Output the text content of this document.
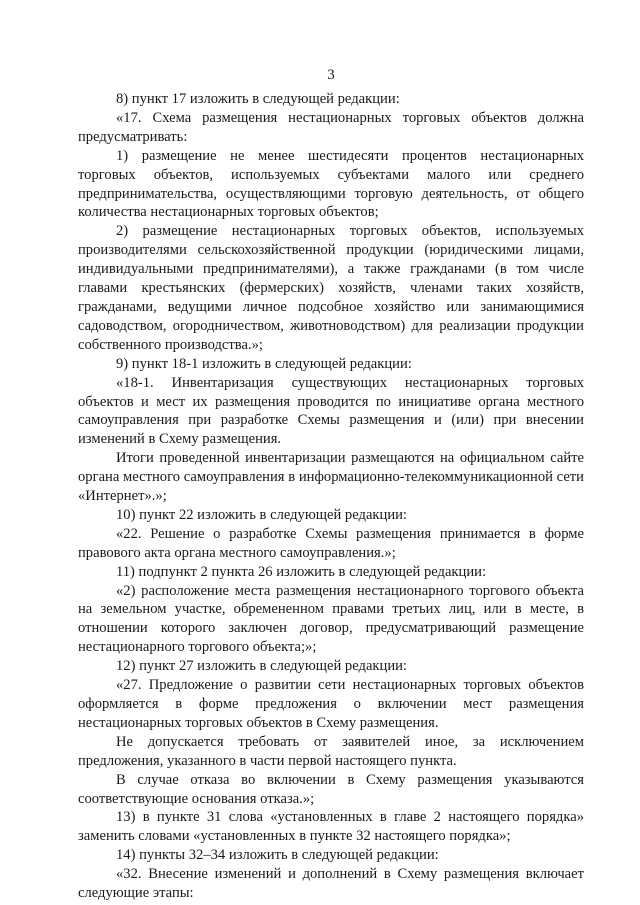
3

8) пункт 17 изложить в следующей редакции:

«17. Схема размещения нестационарных торговых объектов должна предусматривать:

1) размещение не менее шестидесяти процентов нестационарных торговых объектов, используемых субъектами малого или среднего предпринимательства, осуществляющими торговую деятельность, от общего количества нестационарных торговых объектов;

2) размещение нестационарных торговых объектов, используемых производителями сельскохозяйственной продукции (юридическими лицами, индивидуальными предпринимателями), а также гражданами (в том числе главами крестьянских (фермерских) хозяйств, членами таких хозяйств, гражданами, ведущими личное подсобное хозяйство или занимающимися садоводством, огородничеством, животноводством) для реализации продукции собственного производства.»;

9) пункт 18-1 изложить в следующей редакции:

«18-1. Инвентаризация существующих нестационарных торговых объектов и мест их размещения проводится по инициативе органа местного самоуправления при разработке Схемы размещения и (или) при внесении изменений в Схему размещения.

Итоги проведенной инвентаризации размещаются на официальном сайте органа местного самоуправления в информационно-телекоммуникационной сети «Интернет».»;

10) пункт 22 изложить в следующей редакции:

«22. Решение о разработке Схемы размещения принимается в форме правового акта органа местного самоуправления.»;

11) подпункт 2 пункта 26 изложить в следующей редакции:

«2) расположение места размещения нестационарного торгового объекта на земельном участке, обремененном правами третьих лиц, или в месте, в отношении которого заключен договор, предусматривающий размещение нестационарного торгового объекта;»;

12) пункт 27 изложить в следующей редакции:

«27. Предложение о развитии сети нестационарных торговых объектов оформляется в форме предложения о включении мест размещения нестационарных торговых объектов в Схему размещения.

Не допускается требовать от заявителей иное, за исключением предложения, указанного в части первой настоящего пункта.

В случае отказа во включении в Схему размещения указываются соответствующие основания отказа.»;

13) в пункте 31 слова «установленных в главе 2 настоящего порядка» заменить словами «установленных в пункте 32 настоящего порядка»;

14) пункты 32–34 изложить в следующей редакции:

«32. Внесение изменений и дополнений в Схему размещения включает следующие этапы:
